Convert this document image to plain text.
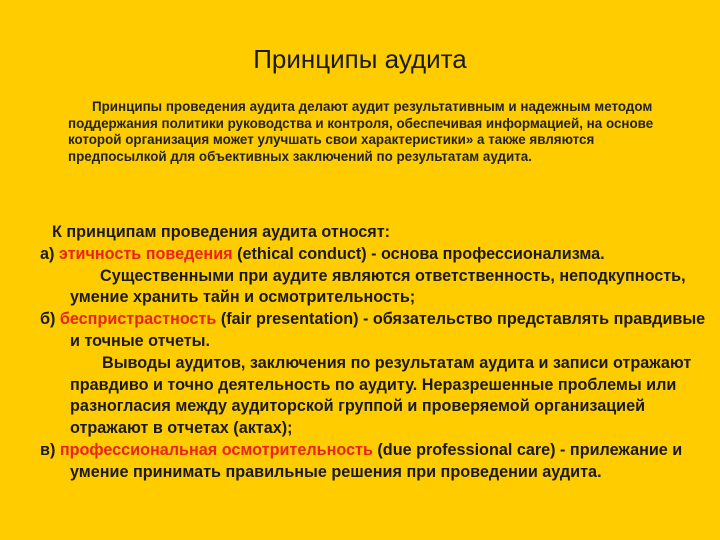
Принципы аудита
Принципы проведения аудита делают аудит результативным и надежным методом поддержания политики руководства и контроля, обеспечивая информацией, на основе которой организация может улучшать свои характеристики» а также являются предпосылкой для объективных заключений по результатам аудита.
К принципам проведения аудита относят:
а) этичность поведения (ethical conduct) - основа профессионализма.
Существенными при аудите являются ответственность, неподкупность, умение хранить тайн и осмотрительность;
б) беспристрастность (fair presentation) - обязательство представлять правдивые и точные отчеты.
Выводы аудитов, заключения по результатам аудита и записи отражают правдиво и точно деятельность по аудиту. Неразрешенные проблемы или разногласия между аудиторской группой и проверяемой организацией отражают в отчетах (актах);
в) профессиональная осмотрительность (due professional care) - прилежание и умение принимать правильные решения при проведении аудита.
